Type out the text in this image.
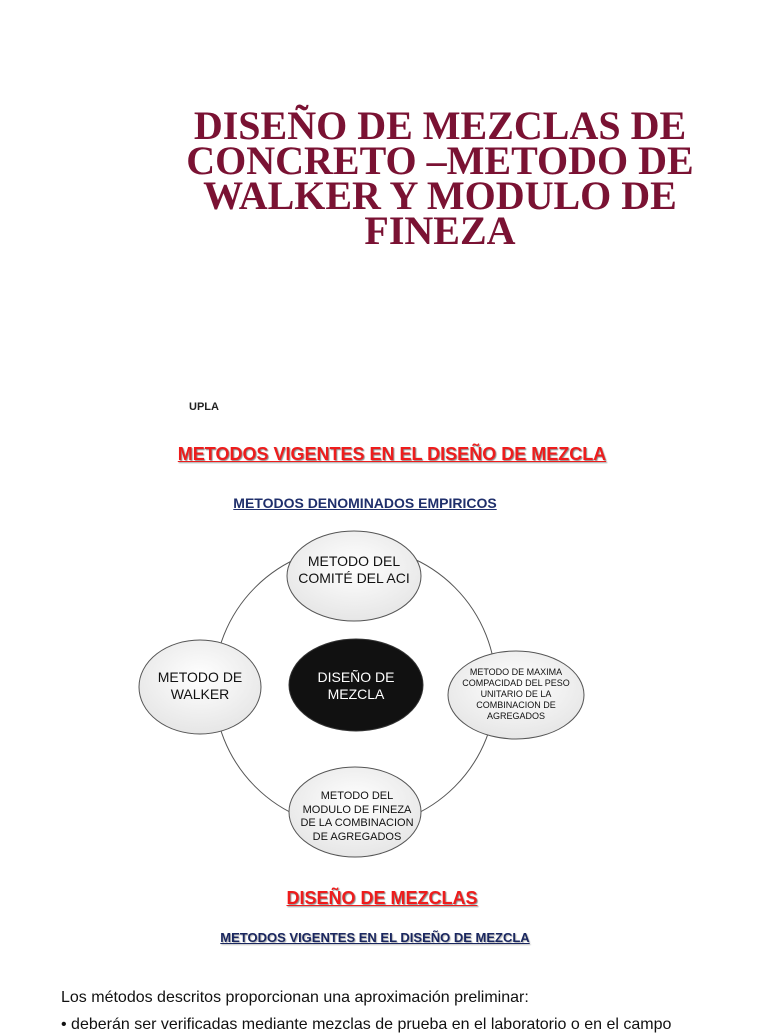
DISEÑO DE MEZCLAS DE CONCRETO –METODO DE WALKER Y MODULO DE FINEZA
UPLA
METODOS VIGENTES EN EL DISEÑO DE MEZCLA
METODOS DENOMINADOS EMPIRICOS
METODO DEL COMITÉ DEL ACI
METODO DE WALKER
DISEÑO DE MEZCLA
METODO DE MAXIMA COMPACIDAD DEL PESO UNITARIO DE LA COMBINACION DE AGREGADOS
METODO DEL MODULO DE FINEZA DE LA COMBINACION DE AGREGADOS
DISEÑO DE MEZCLAS
METODOS VIGENTES EN EL DISEÑO DE MEZCLA
Los métodos descritos proporcionan una aproximación preliminar:
• deberán ser verificadas mediante mezclas de prueba en el laboratorio o en el campo
